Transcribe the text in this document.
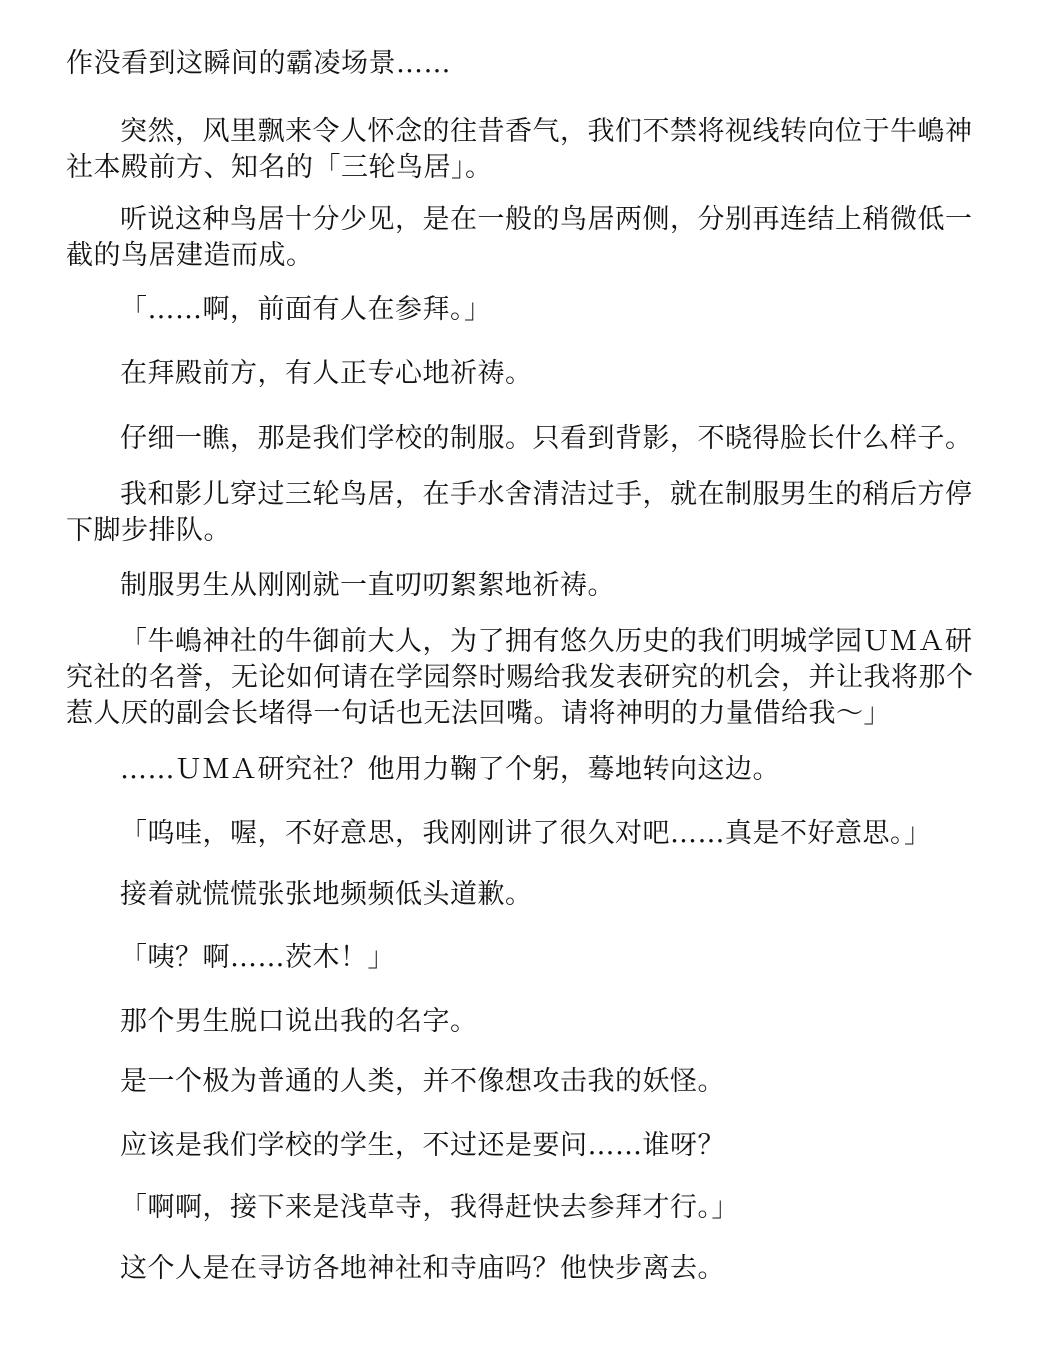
作没看到这瞬间的霸凌场景……

突然，风里飘来令人怀念的往昔香气，我们不禁将视线转向位于牛嶋神社本殿前方、知名的「三轮鸟居」。

听说这种鸟居十分少见，是在一般的鸟居两侧，分别再连结上稍微低一截的鸟居建造而成。

「……啊，前面有人在参拜。」

在拜殿前方，有人正专心地祈祷。

仔细一瞧，那是我们学校的制服。只看到背影，不晓得脸长什么样子。

我和影儿穿过三轮鸟居，在手水舍清洁过手，就在制服男生的稍后方停下脚步排队。

制服男生从刚刚就一直叨叨絮絮地祈祷。

「牛嶋神社的牛御前大人，为了拥有悠久历史的我们明城学园ＵＭＡ研究社的名誉，无论如何请在学园祭时赐给我发表研究的机会，并让我将那个惹人厌的副会长堵得一句话也无法回嘴。请将神明的力量借给我～」

……ＵＭＡ研究社？他用力鞠了个躬，蓦地转向这边。

「呜哇，喔，不好意思，我刚刚讲了很久对吧……真是不好意思。」

接着就慌慌张张地频频低头道歉。

「咦？啊……茨木！」

那个男生脱口说出我的名字。

是一个极为普通的人类，并不像想攻击我的妖怪。

应该是我们学校的学生，不过还是要问……谁呀？

「啊啊，接下来是浅草寺，我得赶快去参拜才行。」

这个人是在寻访各地神社和寺庙吗？他快步离去。
